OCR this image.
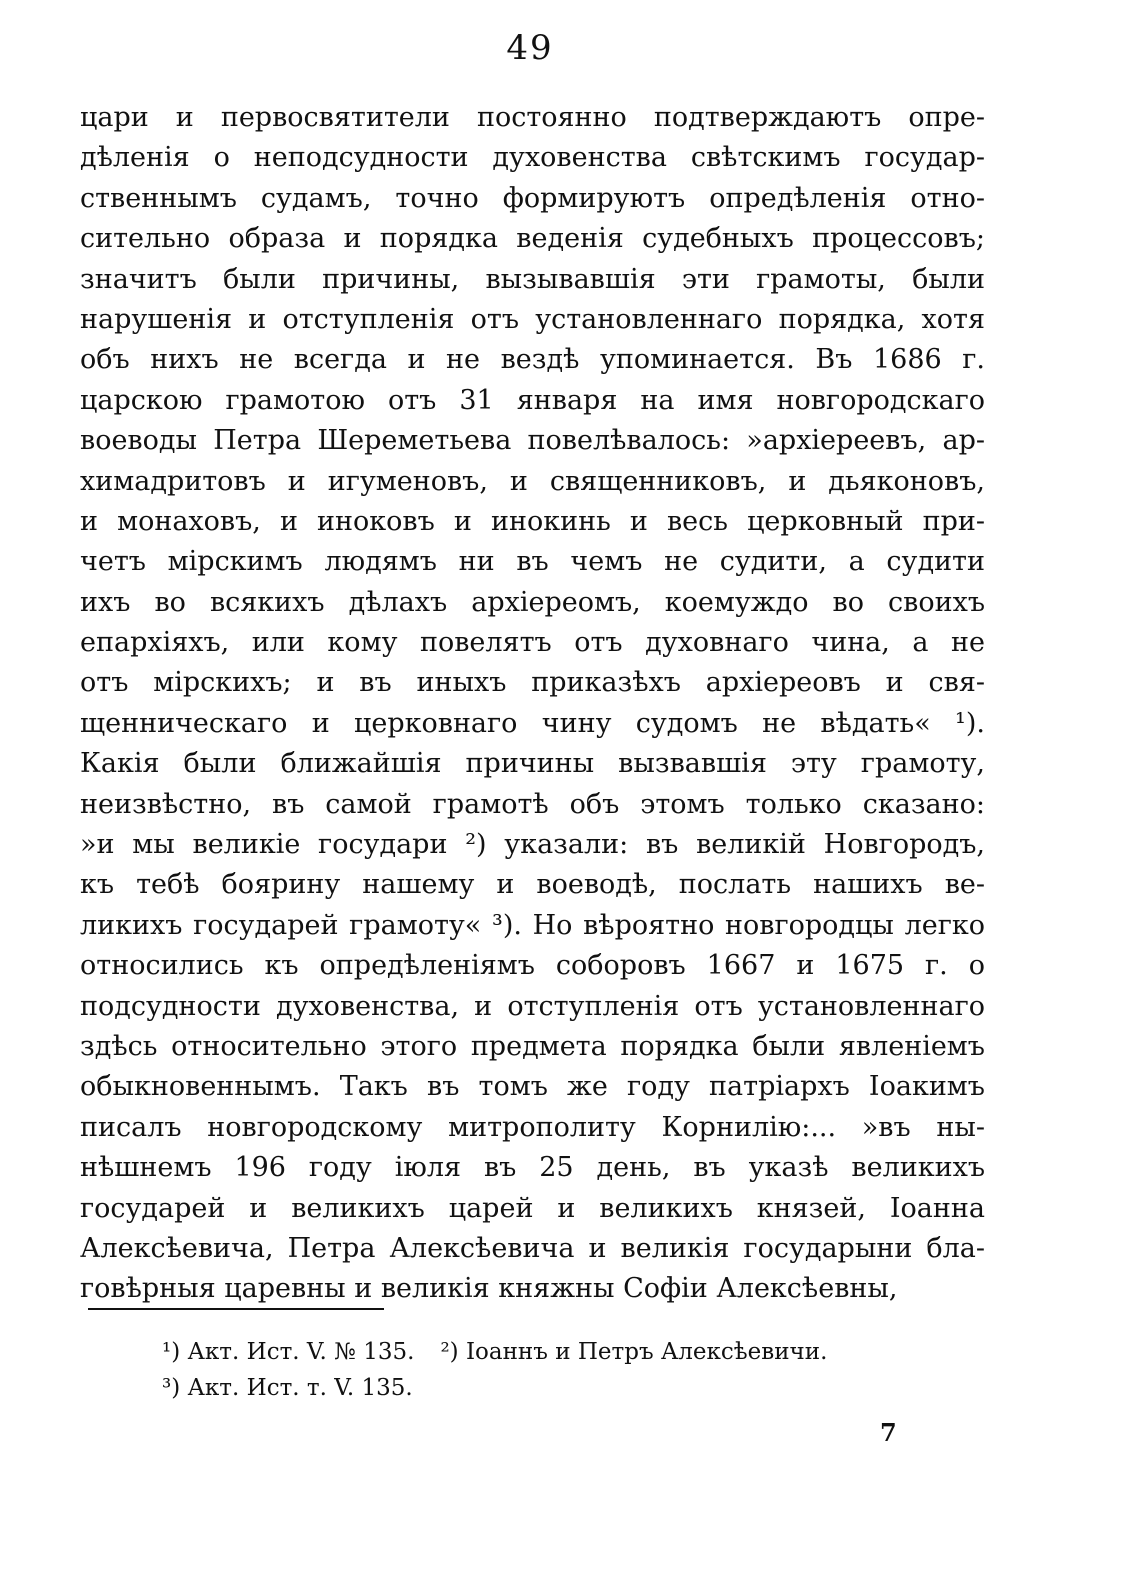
49
цари и первосвятители постоянно подтверждаютъ опре-
дѣленія о неподсудности духовенства свѣтскимъ государ-
ственнымъ судамъ, точно формируютъ опредѣленія отно-
сительно образа и порядка веденія судебныхъ процессовъ;
значитъ были причины, вызывавшія эти грамоты, были
нарушенія и отступленія отъ установленнаго порядка, хотя
объ нихъ не всегда и не вездѣ упоминается. Въ 1686 г.
царскою грамотою отъ 31 января на имя новгородскаго
воеводы Петра Шереметьева повелѣвалось: »архіереевъ, ар-
химадритовъ и игуменовъ, и священниковъ, и дьяконовъ,
и монаховъ, и иноковъ и инокинь и весь церковный при-
четъ мірскимъ людямъ ни въ чемъ не судити, а судити
ихъ во всякихъ дѣлахъ архіереомъ, коемуждо во своихъ
епархіяхъ, или кому повелятъ отъ духовнаго чина, а не
отъ мірскихъ; и въ иныхъ приказѣхъ архіереовъ и свя-
щенническаго и церковнаго чину судомъ не вѣдать« ¹).
Какія были ближайшія причины вызвавшія эту грамоту,
неизвѣстно, въ самой грамотѣ объ этомъ только сказано:
»и мы великіе государи ²) указали: въ великій Новгородъ,
къ тебѣ боярину нашему и воеводѣ, послать нашихъ ве-
ликихъ государей грамоту« ³). Но вѣроятно новгородцы легко
относились къ опредѣленіямъ соборовъ 1667 и 1675 г. о
подсудности духовенства, и отступленія отъ установленнаго
здѣсь относительно этого предмета порядка были явленіемъ
обыкновеннымъ. Такъ въ томъ же году патріархъ Іоакимъ
писалъ новгородскому митрополиту Корнилію:... »въ ны-
нѣшнемъ 196 году іюля въ 25 день, въ указѣ великихъ
государей и великихъ царей и великихъ князей, Іоанна
Алексѣевича, Петра Алексѣевича и великія государыни бла-
говѣрныя царевны и великія княжны Софіи Алексѣевны,
¹) Акт. Ист. V. № 135. ²) Іоаннъ и Петръ Алексѣевичи.
³) Акт. Ист. т. V. 135.
7
